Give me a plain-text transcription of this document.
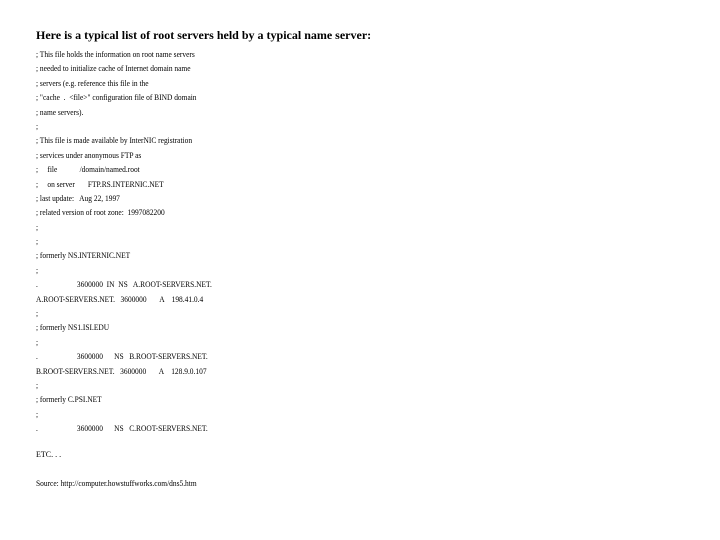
Here is a typical list of root servers held by a typical name server:
; This file holds the information on root name servers
; needed to initialize cache of Internet domain name
; servers (e.g. reference this file in the
; "cache  .  <file>" configuration file of BIND domain
; name servers).
;
; This file is made available by InterNIC registration
; services under anonymous FTP as
;     file            /domain/named.root
;     on server       FTP.RS.INTERNIC.NET
; last update:   Aug 22, 1997
; related version of root zone:  1997082200
;
;
; formerly NS.INTERNIC.NET
;
.                     3600000  IN  NS   A.ROOT-SERVERS.NET.
A.ROOT-SERVERS.NET.   3600000       A    198.41.0.4
;
; formerly NS1.ISI.EDU
;
.                     3600000      NS   B.ROOT-SERVERS.NET.
B.ROOT-SERVERS.NET.   3600000       A    128.9.0.107
;
; formerly C.PSI.NET
;
.                     3600000      NS   C.ROOT-SERVERS.NET.
ETC. . .
Source: http://computer.howstuffworks.com/dns5.htm
